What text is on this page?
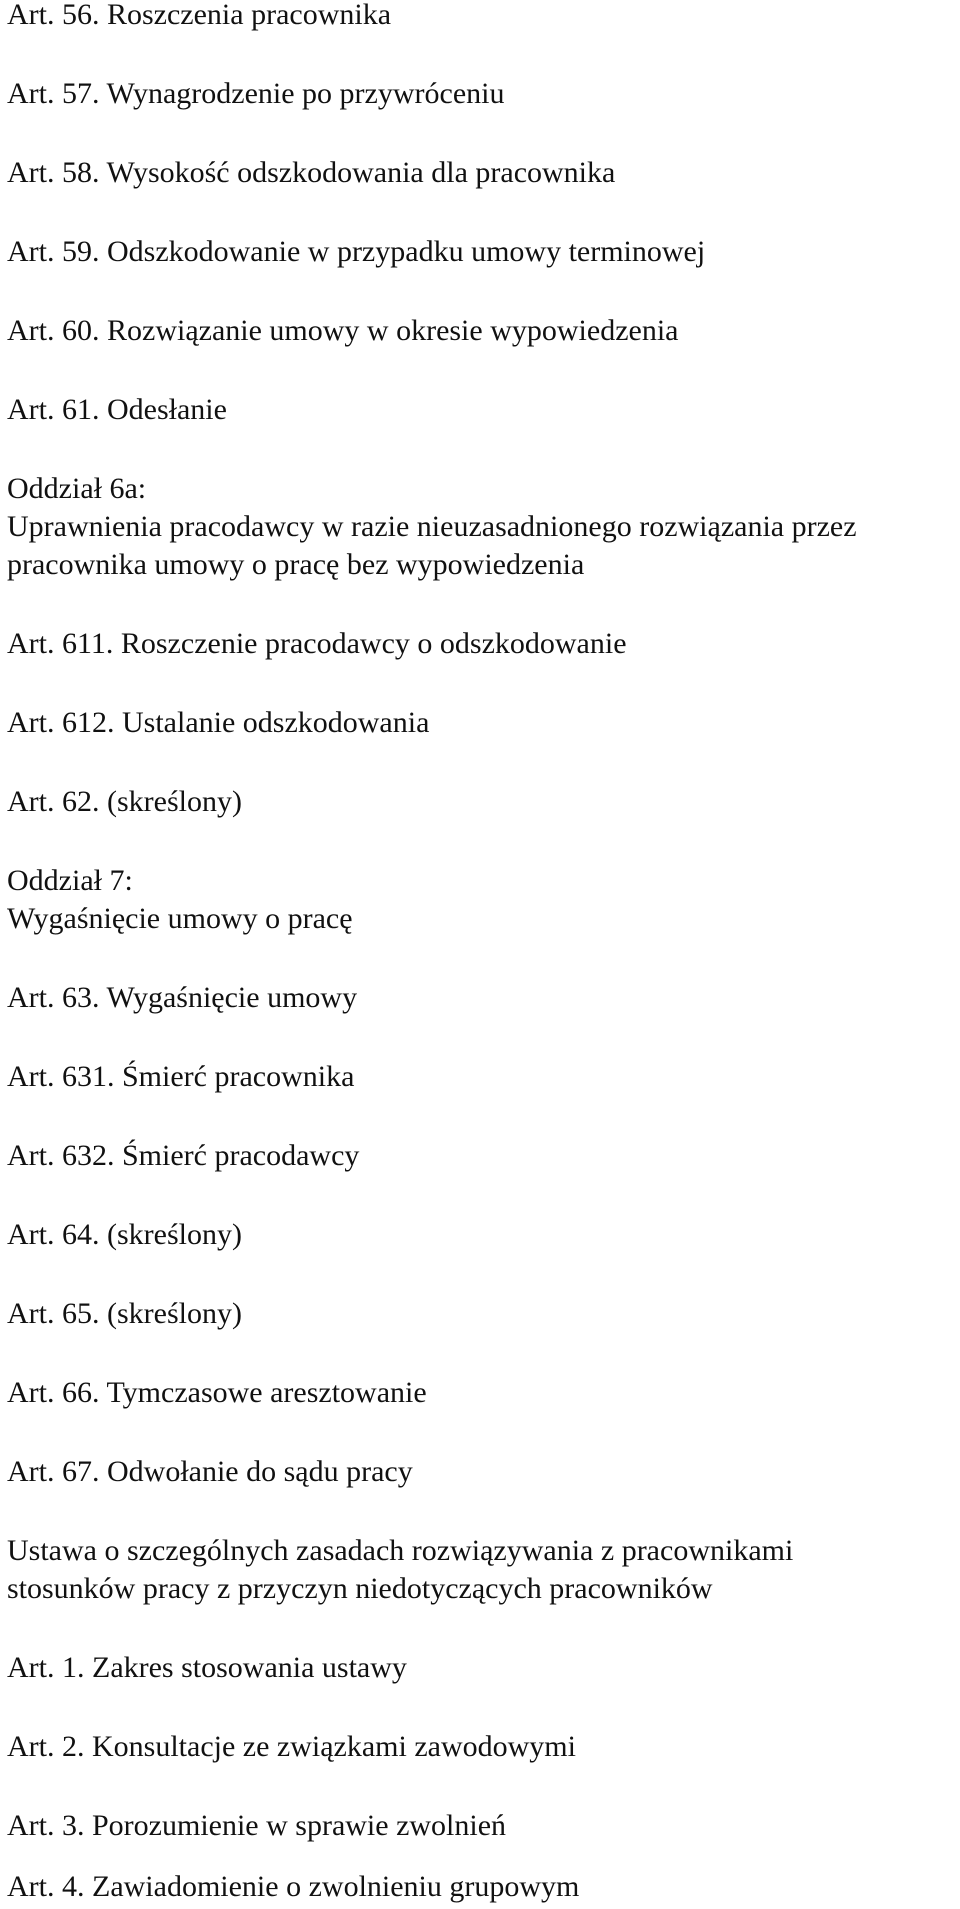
Art. 56. Roszczenia pracownika
Art. 57. Wynagrodzenie po przywróceniu
Art. 58. Wysokość odszkodowania dla pracownika
Art. 59. Odszkodowanie w przypadku umowy terminowej
Art. 60. Rozwiązanie umowy w okresie wypowiedzenia
Art. 61. Odesłanie
Oddział 6a:
Uprawnienia pracodawcy w razie nieuzasadnionego rozwiązania przez
pracownika umowy o pracę bez wypowiedzenia
Art. 611. Roszczenie pracodawcy o odszkodowanie
Art. 612. Ustalanie odszkodowania
Art. 62. (skreślony)
Oddział 7:
Wygaśnięcie umowy o pracę
Art. 63. Wygaśnięcie umowy
Art. 631. Śmierć pracownika
Art. 632. Śmierć pracodawcy
Art. 64. (skreślony)
Art. 65. (skreślony)
Art. 66. Tymczasowe aresztowanie
Art. 67. Odwołanie do sądu pracy
Ustawa o szczególnych zasadach rozwiązywania z pracownikami
stosunków pracy z przyczyn niedotyczących pracowników
Art. 1. Zakres stosowania ustawy
Art. 2. Konsultacje ze związkami zawodowymi
Art. 3. Porozumienie w sprawie zwolnień
Art. 4. Zawiadomienie o zwolnieniu grupowym
